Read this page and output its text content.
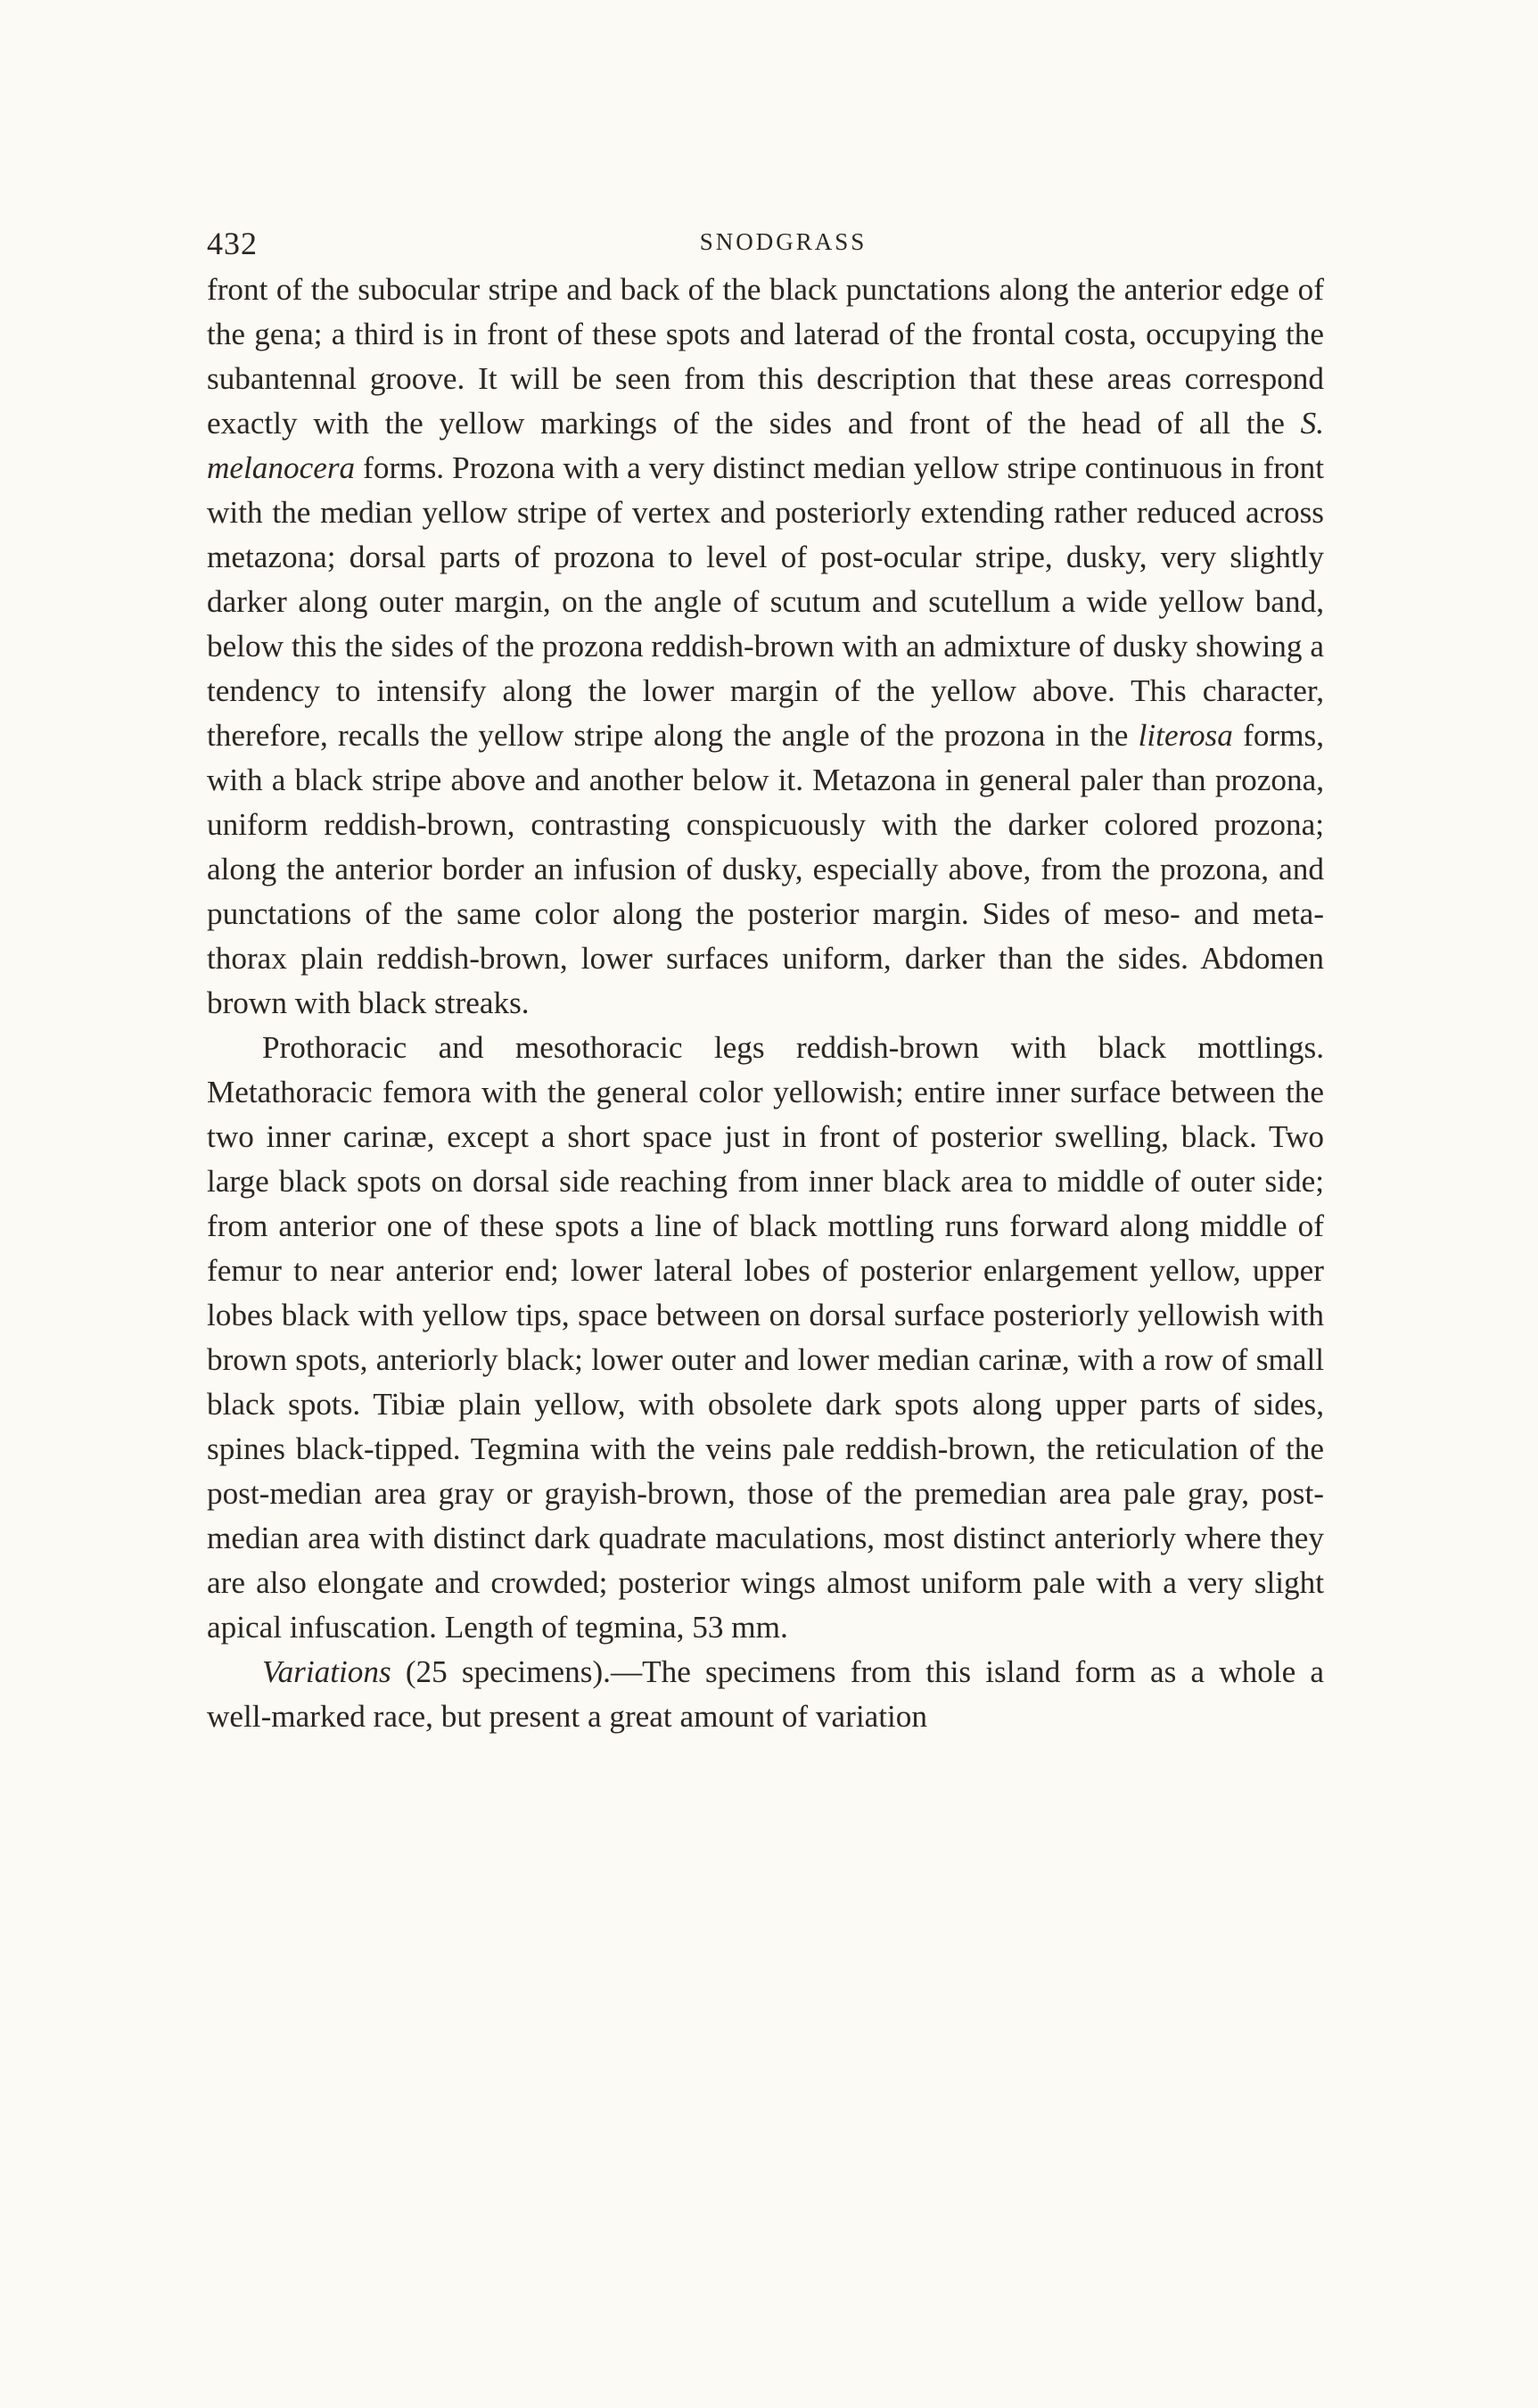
432	SNODGRASS

front of the subocular stripe and back of the black punctations along the anterior edge of the gena; a third is in front of these spots and laterad of the frontal costa, occupying the subantennal groove. It will be seen from this description that these areas correspond exactly with the yellow markings of the sides and front of the head of all the S. melanocera forms. Prozona with a very distinct median yellow stripe continuous in front with the median yellow stripe of vertex and posteriorly extending rather reduced across metazona; dorsal parts of prozona to level of post-ocular stripe, dusky, very slightly darker along outer margin, on the angle of scutum and scutellum a wide yellow band, below this the sides of the prozona reddish-brown with an admixture of dusky showing a tendency to intensify along the lower margin of the yellow above. This character, therefore, recalls the yellow stripe along the angle of the prozona in the literosa forms, with a black stripe above and another below it. Metazona in general paler than prozona, uniform reddish-brown, contrasting conspicuously with the darker colored prozona; along the anterior border an infusion of dusky, especially above, from the prozona, and punctations of the same color along the posterior margin. Sides of meso- and meta-thorax plain reddish-brown, lower surfaces uniform, darker than the sides. Abdomen brown with black streaks.

Prothoracic and mesothoracic legs reddish-brown with black mottlings. Metathoracic femora with the general color yellowish; entire inner surface between the two inner carinæ, except a short space just in front of posterior swelling, black. Two large black spots on dorsal side reaching from inner black area to middle of outer side; from anterior one of these spots a line of black mottling runs forward along middle of femur to near anterior end; lower lateral lobes of posterior enlargement yellow, upper lobes black with yellow tips, space between on dorsal surface posteriorly yellowish with brown spots, anteriorly black; lower outer and lower median carinæ, with a row of small black spots. Tibiæ plain yellow, with obsolete dark spots along upper parts of sides, spines black-tipped. Tegmina with the veins pale reddish-brown, the reticulation of the post-median area gray or grayish-brown, those of the premedian area pale gray, post-median area with distinct dark quadrate maculations, most distinct anteriorly where they are also elongate and crowded; posterior wings almost uniform pale with a very slight apical infuscation. Length of tegmina, 53 mm.

Variations (25 specimens).—The specimens from this island form as a whole a well-marked race, but present a great amount of variation
